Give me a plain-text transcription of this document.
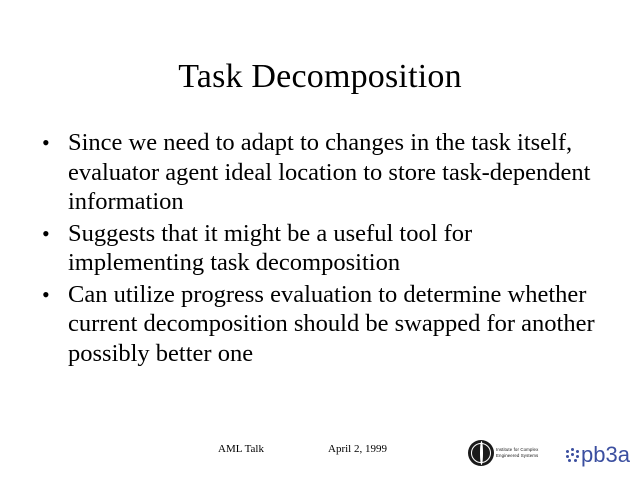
Task Decomposition
• Since we need to adapt to changes in the task itself, evaluator agent ideal location to store task-dependent information
• Suggests that it might be a useful tool for implementing task decomposition
• Can utilize progress evaluation to determine whether current decomposition should be swapped for another possibly better one
AML Talk	April 2, 1999	Institute for Complex Engineered Systems	pb3a
